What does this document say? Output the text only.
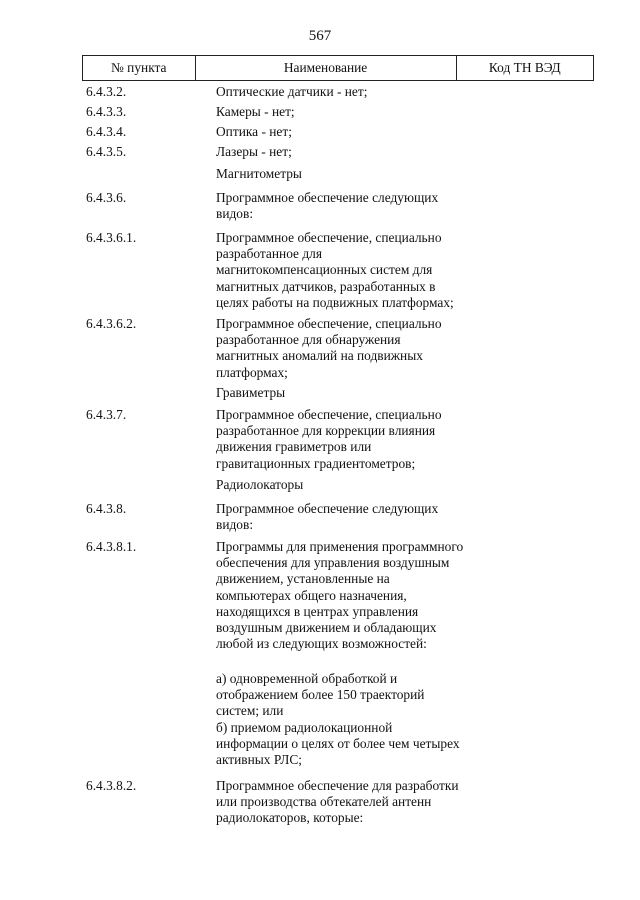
567
№ пункта	Наименование	Код ТН ВЭД
6.4.3.2.	Оптические датчики - нет;
6.4.3.3.	Камеры - нет;
6.4.3.4.	Оптика - нет;
6.4.3.5.	Лазеры - нет;
Магнитометры
6.4.3.6.	Программное обеспечение следующих видов:
6.4.3.6.1.	Программное обеспечение, специально разработанное для магнитокомпенсационных систем для магнитных датчиков, разработанных в целях работы на подвижных платформах;
6.4.3.6.2.	Программное обеспечение, специально разработанное для обнаружения магнитных аномалий на подвижных платформах;
Гравиметры
6.4.3.7.	Программное обеспечение, специально разработанное для коррекции влияния движения гравиметров или гравитационных градиентометров;
Радиолокаторы
6.4.3.8.	Программное обеспечение следующих видов:
6.4.3.8.1.	Программы для применения программного обеспечения для управления воздушным движением, установленные на компьютерах общего назначения, находящихся в центрах управления воздушным движением и обладающих любой из следующих возможностей:
а) одновременной обработкой и отображением более 150 траекторий систем; или
б) приемом радиолокационной информации о целях от более чем четырех активных РЛС;
6.4.3.8.2.	Программное обеспечение для разработки или производства обтекателей антенн радиолокаторов, которые:
